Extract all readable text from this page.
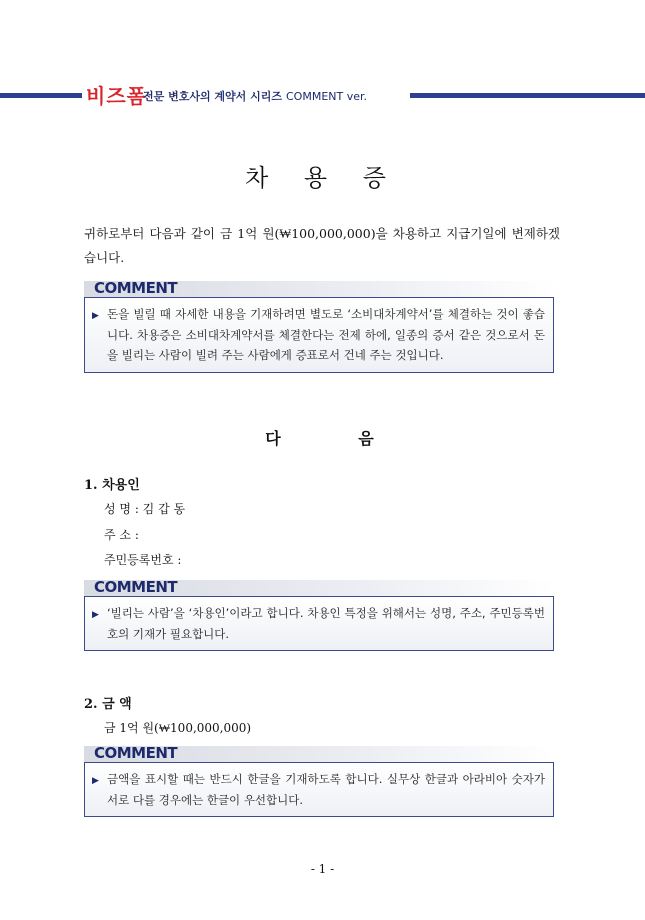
비즈폼
전문 변호사의 계약서 시리즈 COMMENT ver.
차 용 증
귀하로부터 다음과 같이 금 1억 원(₩100,000,000)을 차용하고 지급기일에 변제하겠습니다.
COMMENT
▶ 돈을 빌릴 때 자세한 내용을 기재하려면 별도로 ‘소비대차계약서’를 체결하는 것이 좋습니다. 차용증은 소비대차계약서를 체결한다는 전제 하에, 일종의 증서 같은 것으로서 돈을 빌리는 사람이 빌려 주는 사람에게 증표로서 건네 주는 것입니다.
다 음
1. 차용인
성 명 : 김 갑 동
주 소 :
주민등록번호 :
COMMENT
▶ ‘빌리는 사람’을 ‘차용인’이라고 합니다. 차용인 특정을 위해서는 성명, 주소, 주민등록번호의 기재가 필요합니다.
2. 금 액
금 1억 원(₩100,000,000)
COMMENT
▶ 금액을 표시할 때는 반드시 한글을 기재하도록 합니다. 실무상 한글과 아라비아 숫자가 서로 다를 경우에는 한글이 우선합니다.
- 1 -
